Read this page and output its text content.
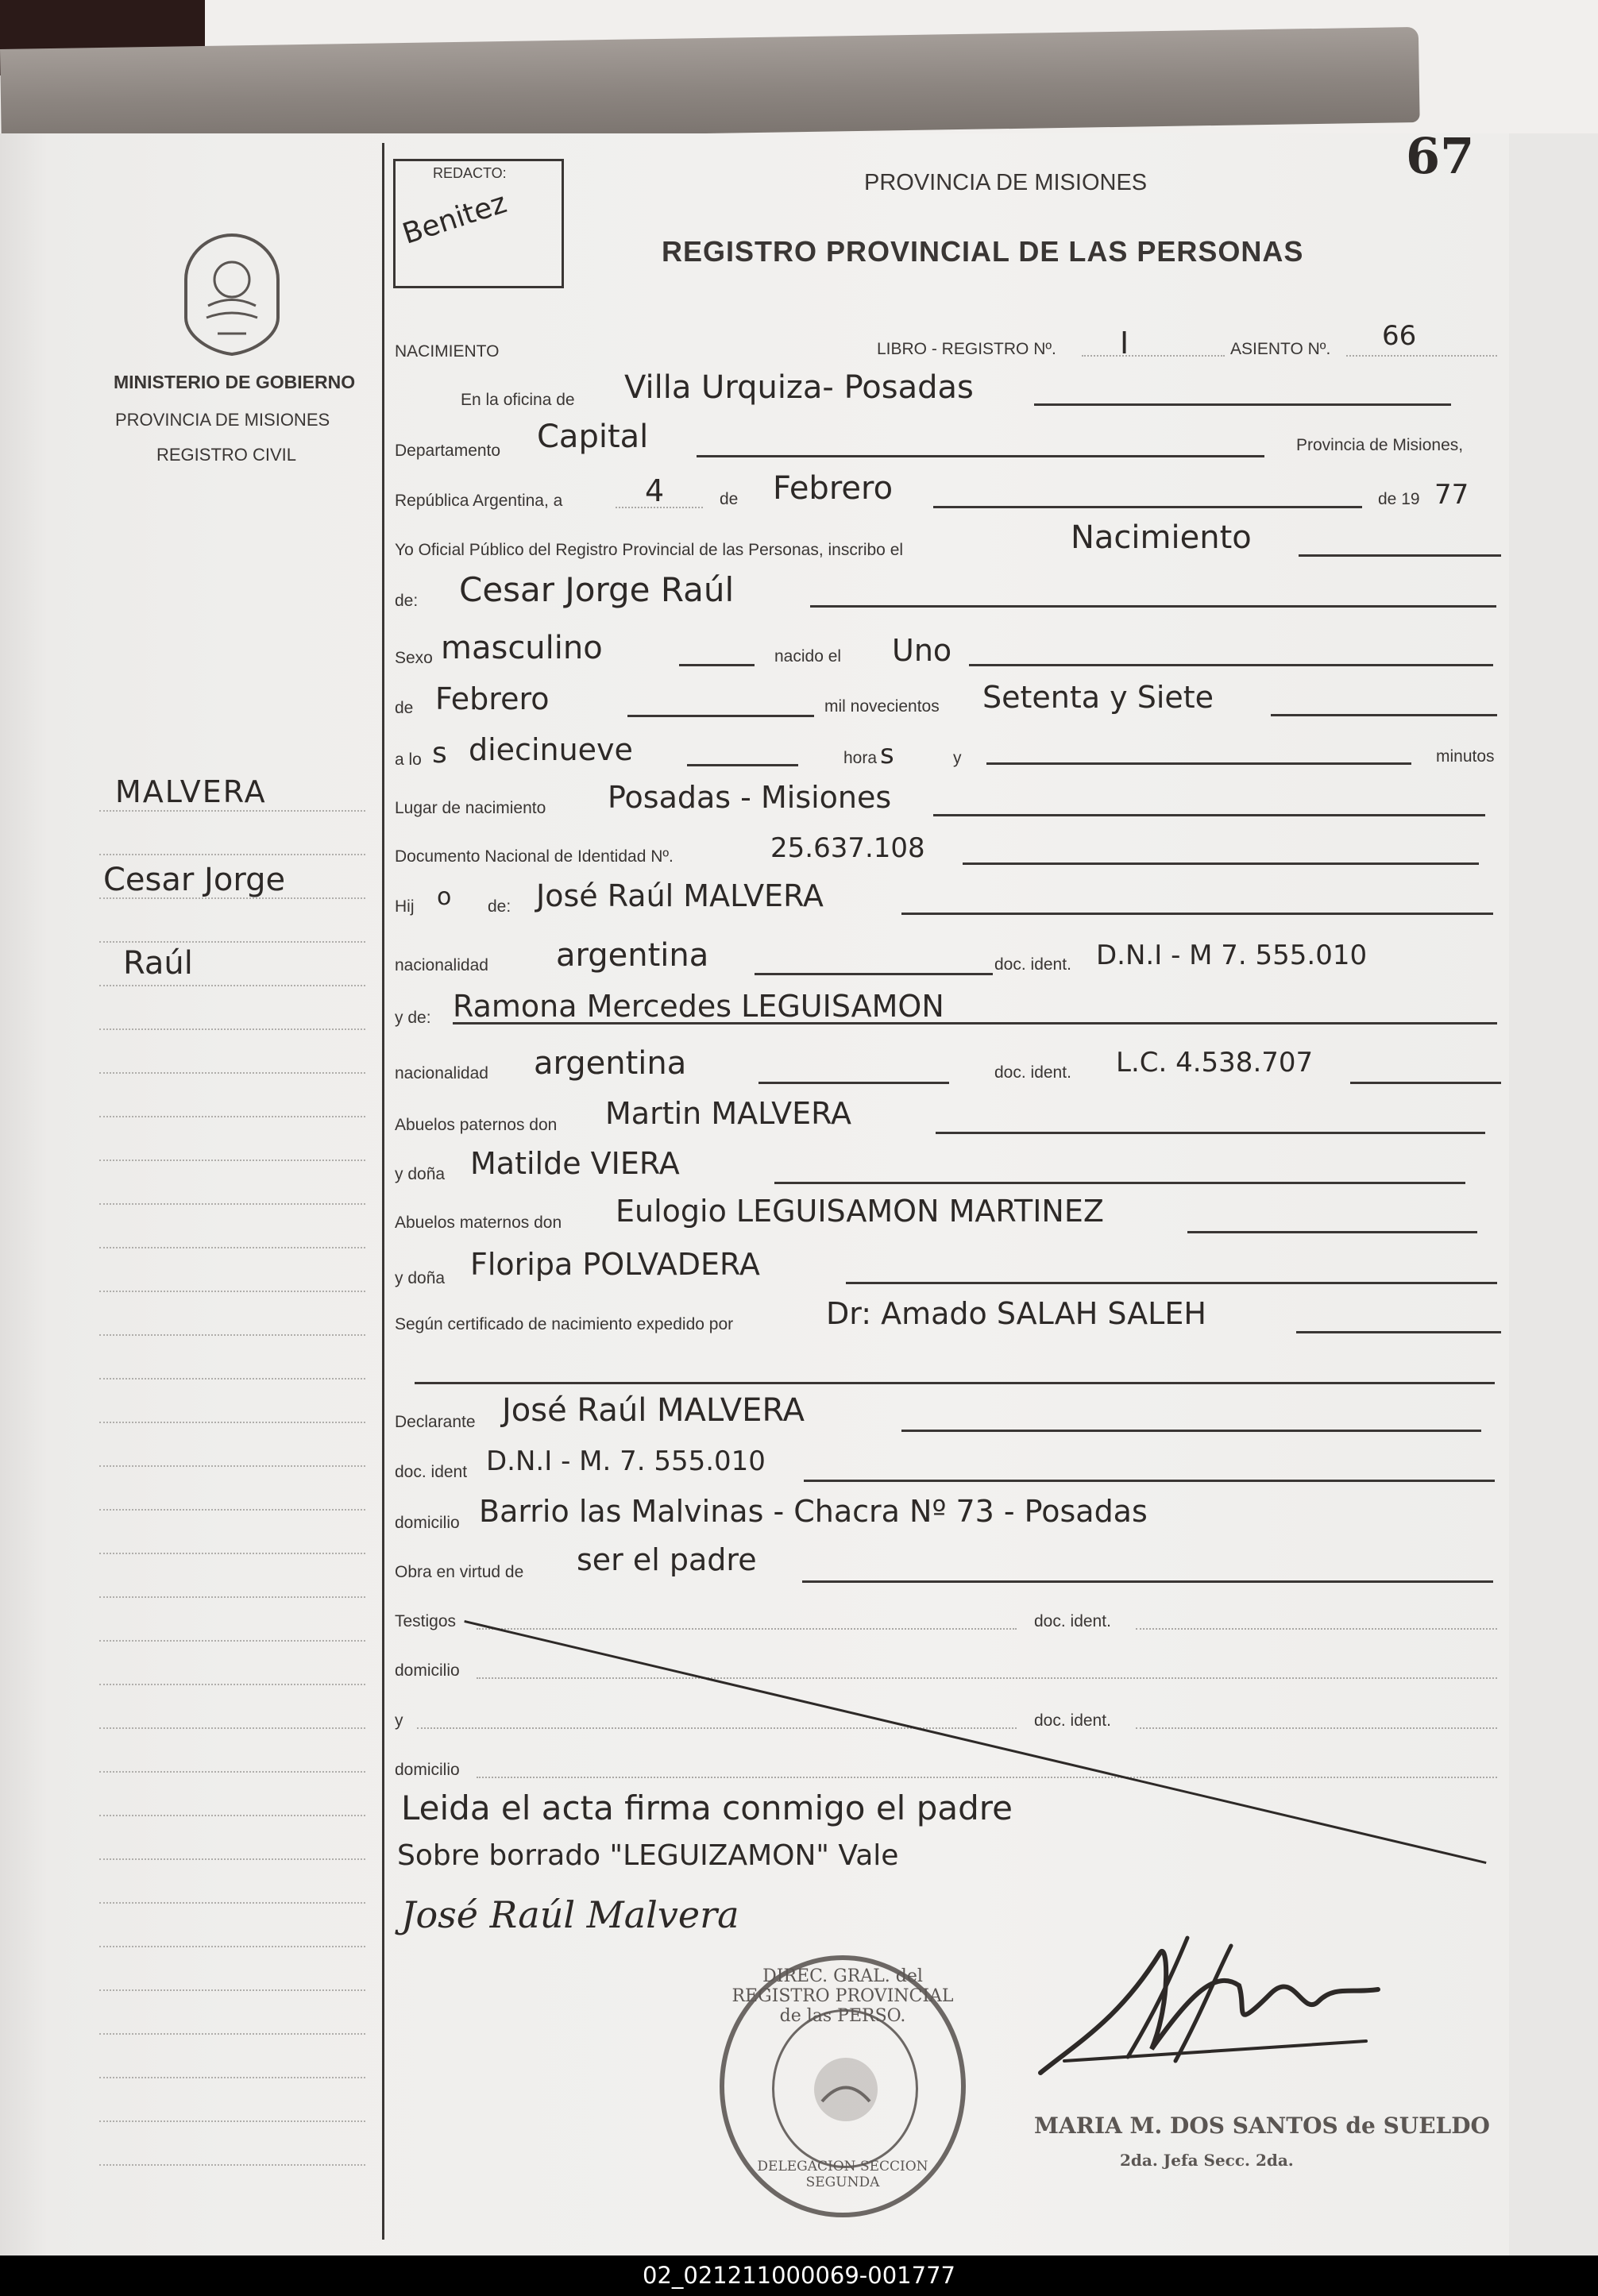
MINISTERIO DE GOBIERNO
PROVINCIA DE MISIONES
REGISTRO CIVIL
MALVERA
Cesar Jorge
Raúl
REDACTO:
Benitez
PROVINCIA DE MISIONES
REGISTRO PROVINCIAL DE LAS PERSONAS
67
NACIMIENTO	LIBRO - REGISTRO Nº. I	ASIENTO Nº. 66
En la oficina de Villa Urquiza- Posadas
Departamento Capital	Provincia de Misiones,
República Argentina, a	4	de Febrero	de 19 77
Yo Oficial Público del Registro Provincial de las Personas, inscribo el	Nacimiento
de: Cesar Jorge Raúl
Sexo masculino	nacido el Uno
de Febrero	mil novecientos Setenta y Siete
a lo s diecinueve	hora s	y	minutos
Lugar de nacimiento Posadas - Misiones
Documento Nacional de Identidad Nº.	25.637.108
Hij o de: José Raúl MALVERA
nacionalidad argentina	doc. ident. D.N.I - M 7. 555.010
y de: Ramona Mercedes LEGUISAMON
nacionalidad argentina	doc. ident. L.C. 4.538.707
Abuelos paternos don Martin MALVERA
y doña Matilde VIERA
Abuelos maternos don Eulogio LEGUISAMON MARTINEZ
y doña Floripa POLVADERA
Según certificado de nacimiento expedido por	Dr: Amado SALAH SALEH
Declarante José Raúl MALVERA
doc. ident D.N.I - M. 7. 555.010
domicilio Barrio las Malvinas - Chacra Nº 73 - Posadas
Obra en virtud de ser el padre
Testigos	doc. ident.
domicilio
y	doc. ident.
domicilio
Leida el acta firma conmigo el padre
Sobre borrado "LEGUIZAMON" Vale
José Raúl Malvera
DIREC. GRAL. del REGISTRO PROVINCIAL de las PERSO.
DELEGACION SECCION SEGUNDA
MARIA M. DOS SANTOS de SUELDO
2da. Jefa Secc. 2da.
02_021211000069-001777
